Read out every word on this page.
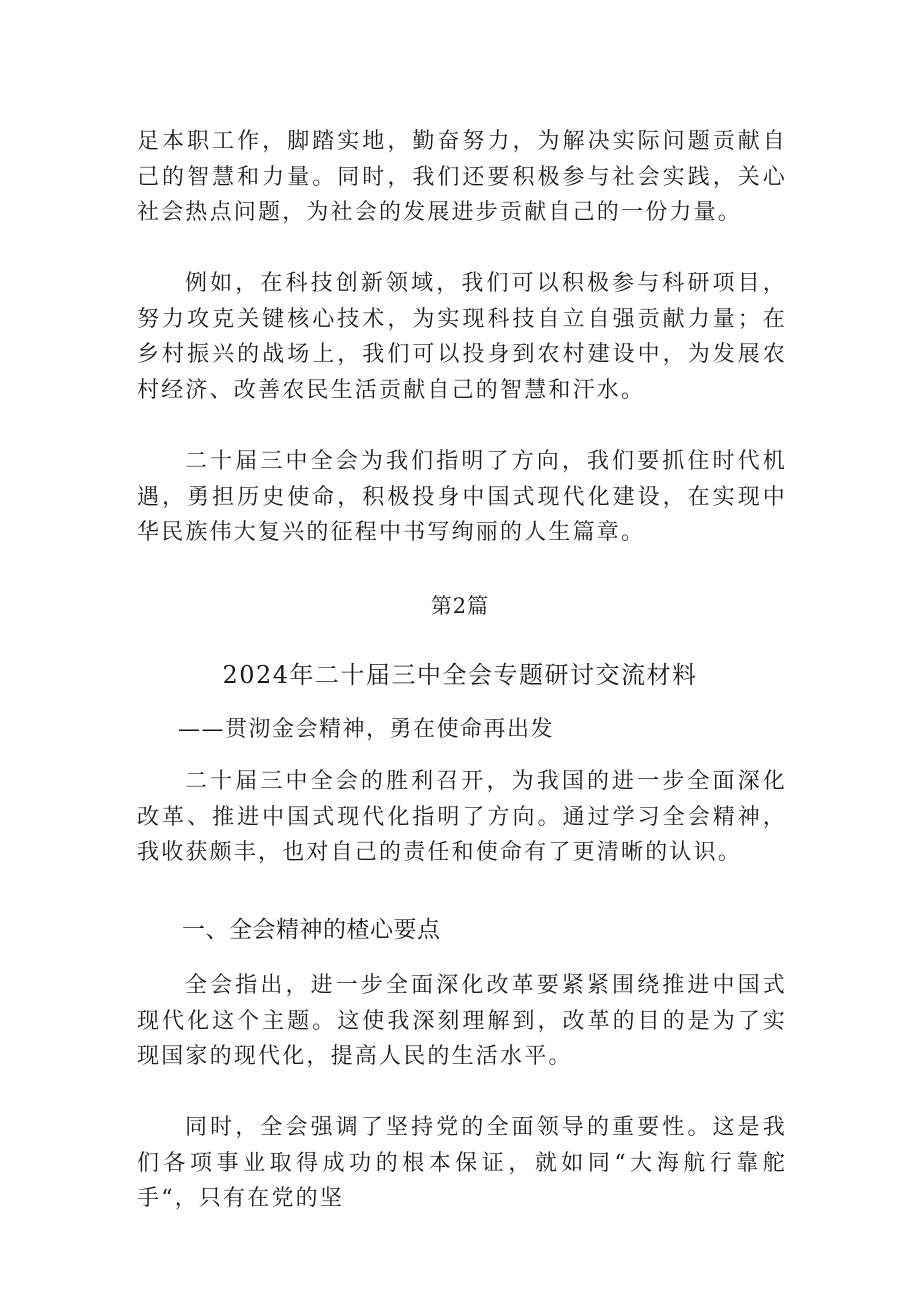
足本职工作，脚踏实地，勤奋努力，为解决实际问题贡献自己的智慧和力量。同时，我们还要积极参与社会实践，关心社会热点问题，为社会的发展进步贡献自己的一份力量。

例如，在科技创新领域，我们可以积极参与科研项目，努力攻克关键核心技术，为实现科技自立自强贡献力量；在乡村振兴的战场上，我们可以投身到农村建设中，为发展农村经济、改善农民生活贡献自己的智慧和汗水。

二十届三中全会为我们指明了方向，我们要抓住时代机遇，勇担历史使命，积极投身中国式现代化建设，在实现中华民族伟大复兴的征程中书写绚丽的人生篇章。

第2篇

2024年二十届三中全会专题研讨交流材料

——贯沏金会精神，勇在使命再出发

二十届三中全会的胜利召开，为我国的进一步全面深化改革、推进中国式现代化指明了方向。通过学习全会精神，我收获颇丰，也对自己的责任和使命有了更清晰的认识。

一、全会精神的楂心要点

全会指出，进一步全面深化改革要紧紧围绕推进中国式现代化这个主题。这使我深刻理解到，改革的目的是为了实现国家的现代化，提高人民的生活水平。

同时，全会强调了坚持党的全面领导的重要性。这是我们各项事业取得成功的根本保证，就如同“大海航行靠舵手“，只有在党的坚
